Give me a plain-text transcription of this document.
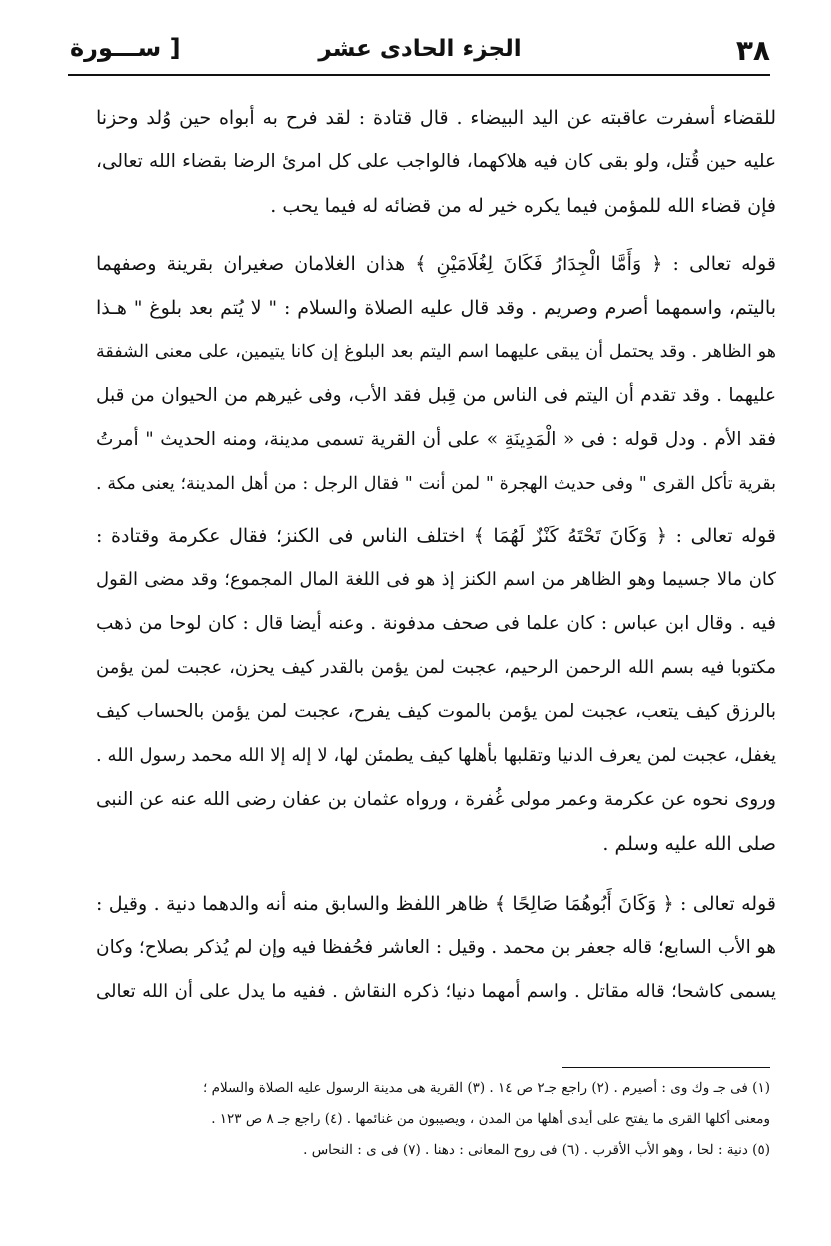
٣٨
الجزء الحادى عشر
[ ســـورة
للقضاء أسفرت عاقبته عن اليد البيضاء . قال قتادة : لقد فرح به أبواه حين وُلد وحزنا
عليه حين قُتل، ولو بقى كان فيه هلاكهما، فالواجب على كل امرئ الرضا بقضاء الله تعالى،
فإن قضاء الله للمؤمن فيما يكره خير له من قضائه له فيما يحب .
قوله تعالى : ﴿ وَأَمَّا الْجِدَارُ فَكَانَ لِغُلَامَيْنِ ﴾ هذان الغلامان صغيران بقرينة وصفهما
باليتم، واسمهما أصرم وصريم . وقد قال عليه الصلاة والسلام : " لا يُتم بعد بلوغ " هـذا
هو الظاهر . وقد يحتمل أن يبقى عليهما اسم اليتم بعد البلوغ إن كانا يتيمين، على معنى الشفقة
عليهما . وقد تقدم أن اليتم فى الناس من قِبل فقد الأب، وفى غيرهم من الحيوان من قبل
فقد الأم . ودل قوله : فى « الْمَدِينَةِ » على أن القرية تسمى مدينة، ومنه الحديث " أمرتُ
بقرية تأكل القرى " وفى حديث الهجرة " لمن أنت " فقال الرجل : من أهل المدينة؛ يعنى مكة .
قوله تعالى : ﴿ وَكَانَ تَحْتَهُ كَنْزٌ لَهُمَا ﴾ اختلف الناس فى الكنز؛ فقال عكرمة وقتادة :
كان مالا جسيما وهو الظاهر من اسم الكنز إذ هو فى اللغة المال المجموع؛ وقد مضى القول
فيه . وقال ابن عباس : كان علما فى صحف مدفونة . وعنه أيضا قال : كان لوحا من ذهب
مكتوبا فيه بسم الله الرحمن الرحيم، عجبت لمن يؤمن بالقدر كيف يحزن، عجبت لمن يؤمن
بالرزق كيف يتعب، عجبت لمن يؤمن بالموت كيف يفرح، عجبت لمن يؤمن بالحساب كيف
يغفل، عجبت لمن يعرف الدنيا وتقلبها بأهلها كيف يطمئن لها، لا إله إلا الله محمد رسول الله .
وروى نحوه عن عكرمة وعمر مولى غُفرة ، ورواه عثمان بن عفان رضى الله عنه عن النبى
صلى الله عليه وسلم .
قوله تعالى : ﴿ وَكَانَ أَبُوهُمَا صَالِحًا ﴾ ظاهر اللفظ والسابق منه أنه والدهما دنية . وقيل :
هو الأب السابع؛ قاله جعفر بن محمد . وقيل : العاشر فحُفظا فيه وإن لم يُذكر بصلاح؛ وكان
يسمى كاشحا؛ قاله مقاتل . واسم أمهما دنيا؛ ذكره النقاش . ففيه ما يدل على أن الله تعالى
(١) فى جـ وك وى : أصيرم . (٢) راجع جـ٢ ص ١٤ . (٣) القرية هى مدينة الرسول عليه الصلاة والسلام ؛
ومعنى أكلها القرى ما يفتح على أيدى أهلها من المدن ، ويصيبون من غنائمها . (٤) راجع جـ ٨ ص ١٢٣ .
(٥) دنية : لحا ، وهو الأب الأقرب . (٦) فى روح المعانى : دهنا . (٧) فى ى : النحاس .
